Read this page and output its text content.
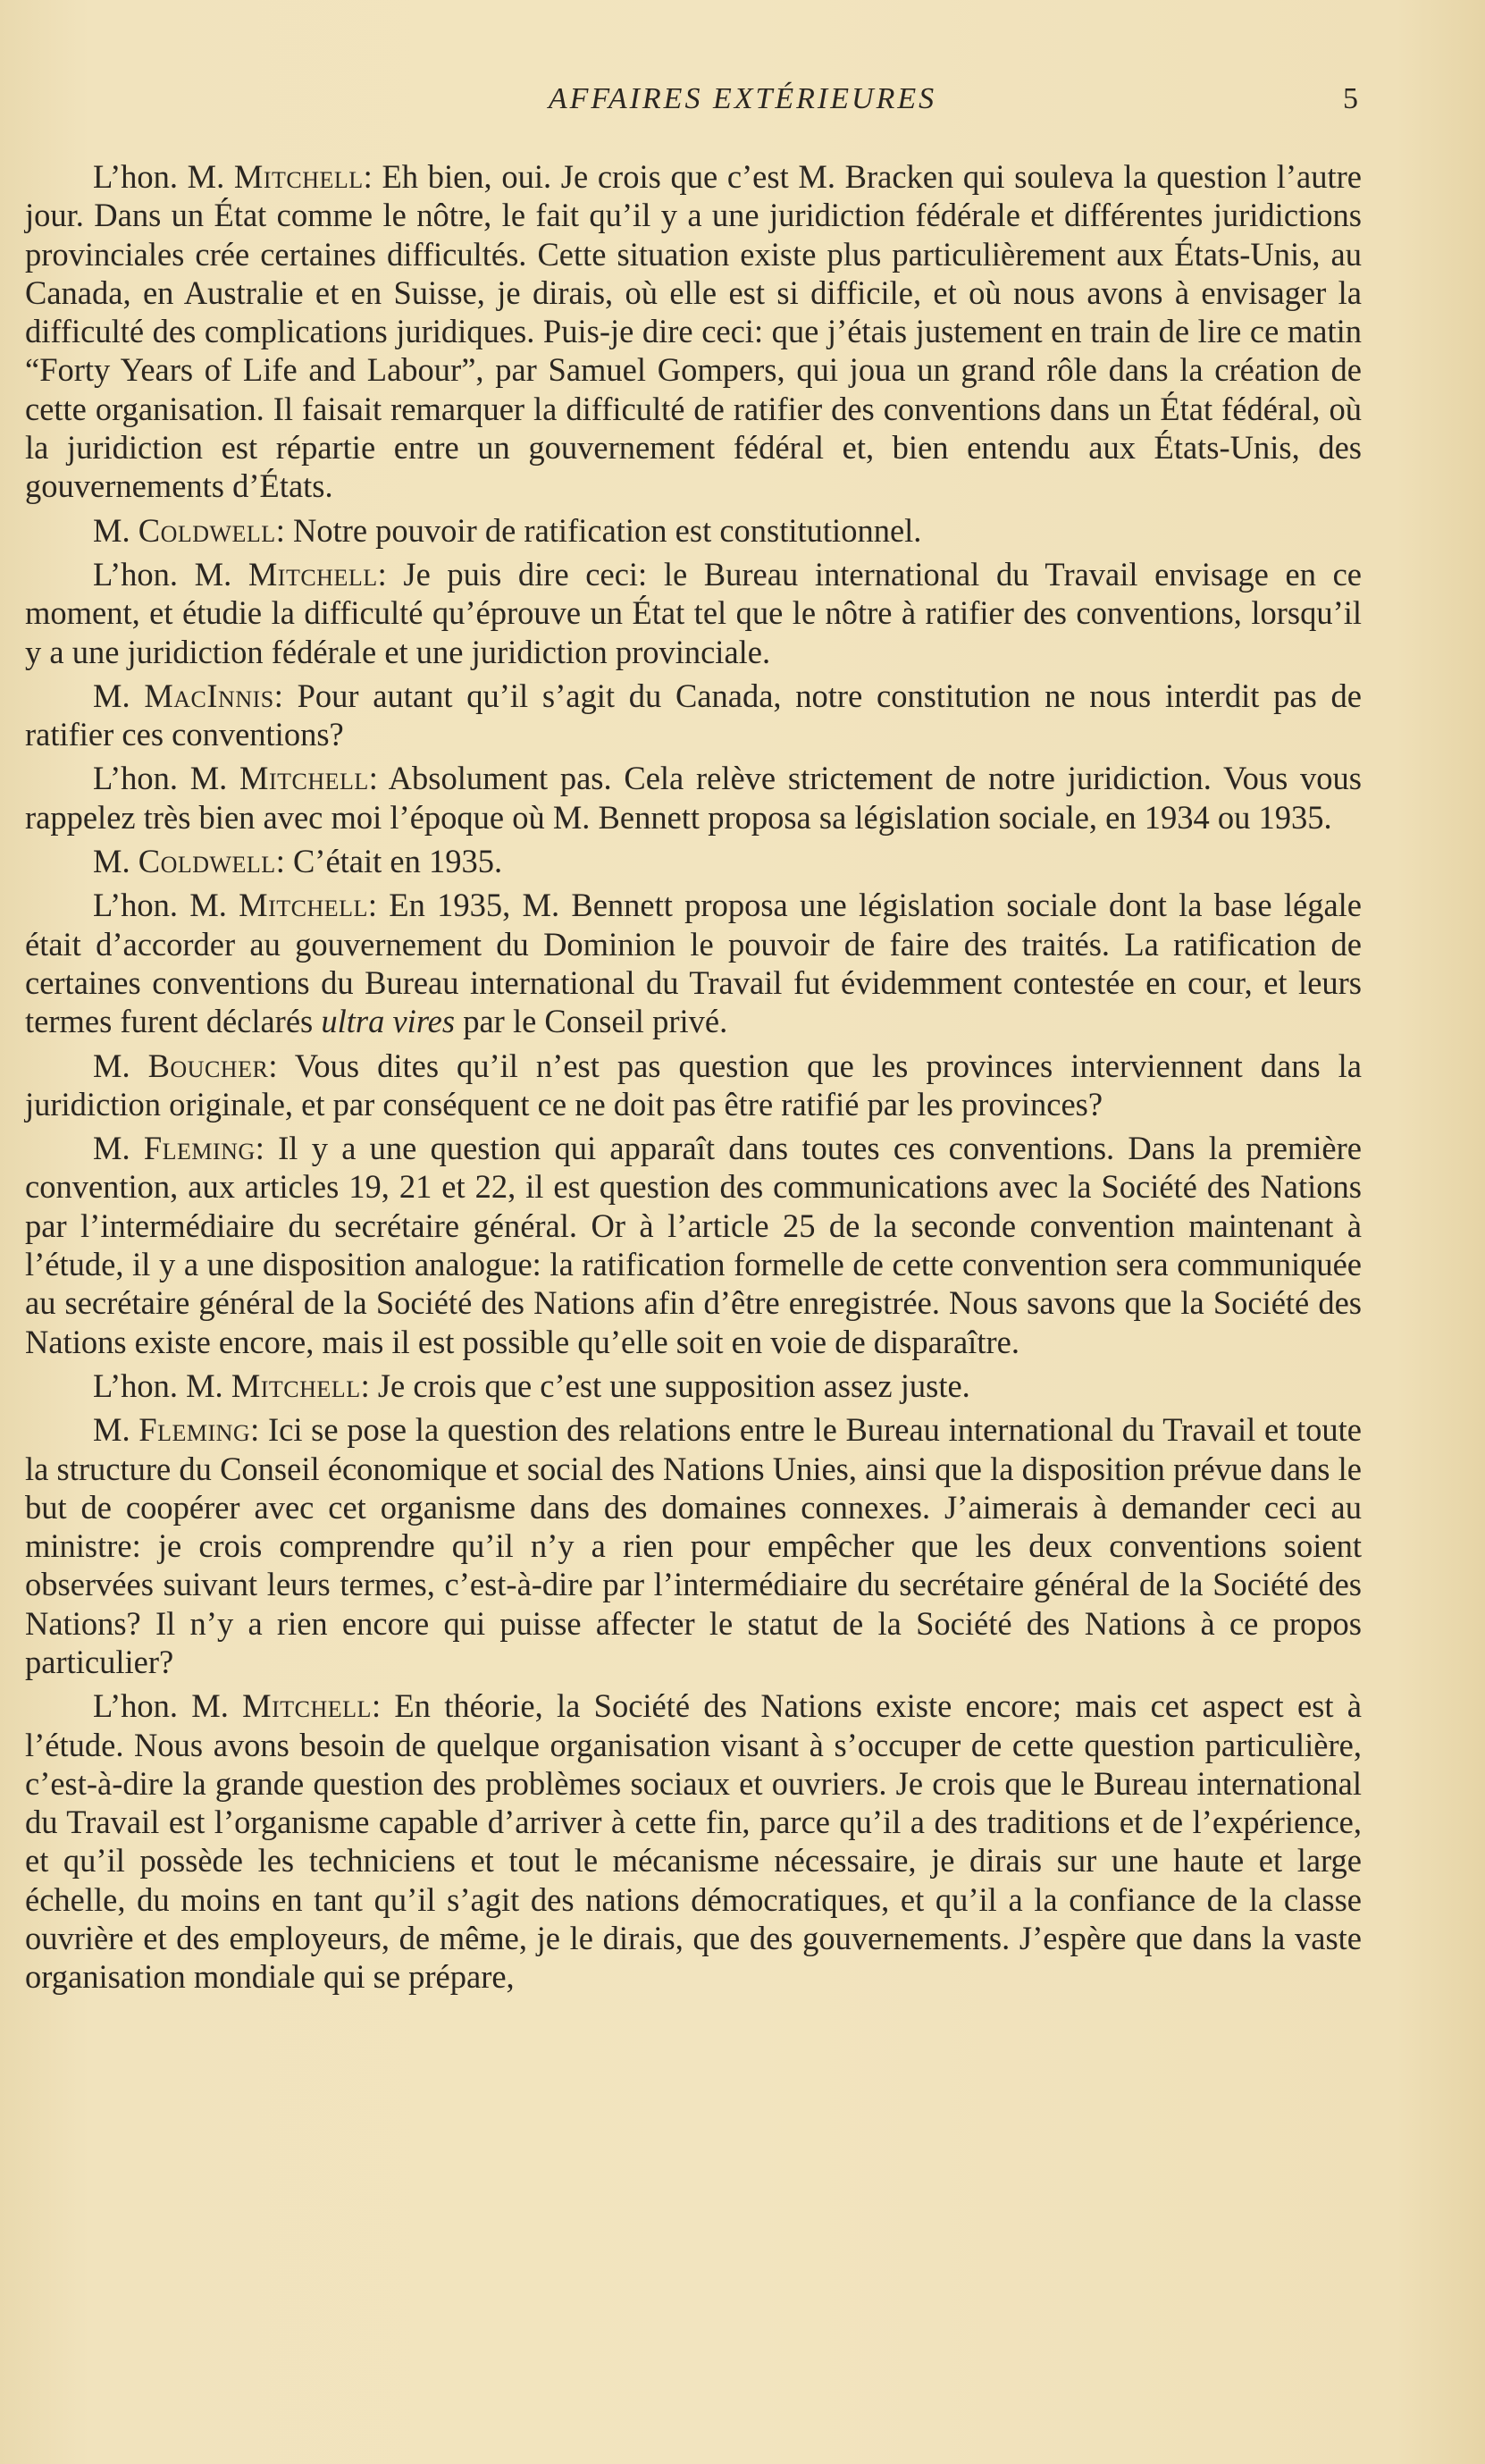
AFFAIRES EXTÉRIEURES	5

L’hon. M. Mitchell: Eh bien, oui. Je crois que c’est M. Bracken qui souleva la question l’autre jour. Dans un État comme le nôtre, le fait qu’il y a une juridiction fédérale et différentes juridictions provinciales crée certaines difficultés. Cette situation existe plus particulièrement aux États-Unis, au Canada, en Australie et en Suisse, je dirais, où elle est si difficile, et où nous avons à envisager la difficulté des complications juridiques. Puis-je dire ceci: que j’étais justement en train de lire ce matin “Forty Years of Life and Labour”, par Samuel Gompers, qui joua un grand rôle dans la création de cette organisation. Il faisait remarquer la difficulté de ratifier des conventions dans un État fédéral, où la juridiction est répartie entre un gouvernement fédéral et, bien entendu aux États-Unis, des gouvernements d’États.

M. Coldwell: Notre pouvoir de ratification est constitutionnel.

L’hon. M. Mitchell: Je puis dire ceci: le Bureau international du Travail envisage en ce moment, et étudie la difficulté qu’éprouve un État tel que le nôtre à ratifier des conventions, lorsqu’il y a une juridiction fédérale et une juridiction provinciale.

M. MacInnis: Pour autant qu’il s’agit du Canada, notre constitution ne nous interdit pas de ratifier ces conventions?

L’hon. M. Mitchell: Absolument pas. Cela relève strictement de notre juridiction. Vous vous rappelez très bien avec moi l’époque où M. Bennett proposa sa législation sociale, en 1934 ou 1935.

M. Coldwell: C’était en 1935.

L’hon. M. Mitchell: En 1935, M. Bennett proposa une législation sociale dont la base légale était d’accorder au gouvernement du Dominion le pouvoir de faire des traités. La ratification de certaines conventions du Bureau international du Travail fut évidemment contestée en cour, et leurs termes furent déclarés ultra vires par le Conseil privé.

M. Boucher: Vous dites qu’il n’est pas question que les provinces interviennent dans la juridiction originale, et par conséquent ce ne doit pas être ratifié par les provinces?

M. Fleming: Il y a une question qui apparaît dans toutes ces conventions. Dans la première convention, aux articles 19, 21 et 22, il est question des communications avec la Société des Nations par l’intermédiaire du secrétaire général. Or à l’article 25 de la seconde convention maintenant à l’étude, il y a une disposition analogue: la ratification formelle de cette convention sera communiquée au secrétaire général de la Société des Nations afin d’être enregistrée. Nous savons que la Société des Nations existe encore, mais il est possible qu’elle soit en voie de disparaître.

L’hon. M. Mitchell: Je crois que c’est une supposition assez juste.

M. Fleming: Ici se pose la question des relations entre le Bureau international du Travail et toute la structure du Conseil économique et social des Nations Unies, ainsi que la disposition prévue dans le but de coopérer avec cet organisme dans des domaines connexes. J’aimerais à demander ceci au ministre: je crois comprendre qu’il n’y a rien pour empêcher que les deux conventions soient observées suivant leurs termes, c’est-à-dire par l’intermédiaire du secrétaire général de la Société des Nations? Il n’y a rien encore qui puisse affecter le statut de la Société des Nations à ce propos particulier?

L’hon. M. Mitchell: En théorie, la Société des Nations existe encore; mais cet aspect est à l’étude. Nous avons besoin de quelque organisation visant à s’occuper de cette question particulière, c’est-à-dire la grande question des problèmes sociaux et ouvriers. Je crois que le Bureau international du Travail est l’organisme capable d’arriver à cette fin, parce qu’il a des traditions et de l’expérience, et qu’il possède les techniciens et tout le mécanisme nécessaire, je dirais sur une haute et large échelle, du moins en tant qu’il s’agit des nations démocratiques, et qu’il a la confiance de la classe ouvrière et des employeurs, de même, je le dirais, que des gouvernements. J’espère que dans la vaste organisation mondiale qui se prépare,
